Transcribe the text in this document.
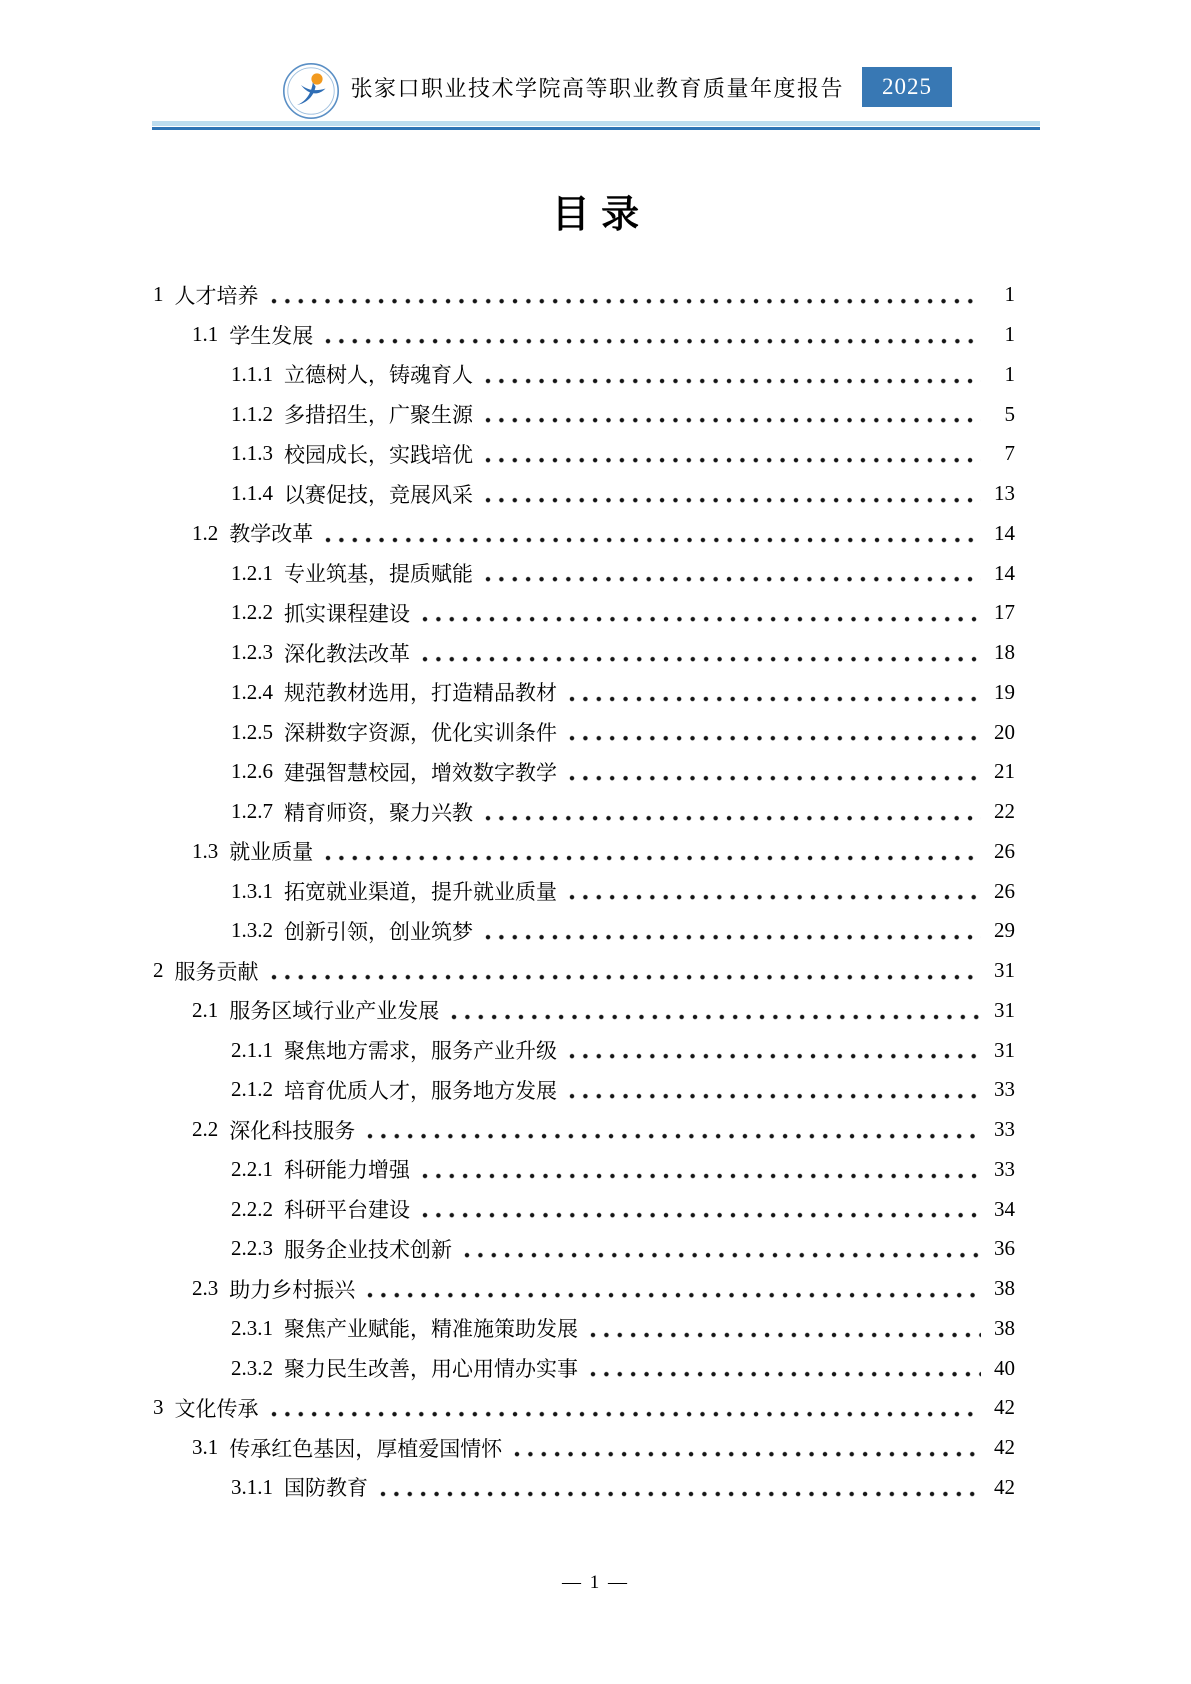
张家口职业技术学院高等职业教育质量年度报告	2025
目录
1 人才培养	1
1.1 学生发展	1
1.1.1 立德树人，铸魂育人	1
1.1.2 多措招生，广聚生源	5
1.1.3 校园成长，实践培优	7
1.1.4 以赛促技，竞展风采	13
1.2 教学改革	14
1.2.1 专业筑基，提质赋能	14
1.2.2 抓实课程建设	17
1.2.3 深化教法改革	18
1.2.4 规范教材选用，打造精品教材	19
1.2.5 深耕数字资源，优化实训条件	20
1.2.6 建强智慧校园，增效数字教学	21
1.2.7 精育师资，聚力兴教	22
1.3 就业质量	26
1.3.1 拓宽就业渠道，提升就业质量	26
1.3.2 创新引领，创业筑梦	29
2 服务贡献	31
2.1 服务区域行业产业发展	31
2.1.1 聚焦地方需求，服务产业升级	31
2.1.2 培育优质人才，服务地方发展	33
2.2 深化科技服务	33
2.2.1 科研能力增强	33
2.2.2 科研平台建设	34
2.2.3 服务企业技术创新	36
2.3 助力乡村振兴	38
2.3.1 聚焦产业赋能，精准施策助发展	38
2.3.2 聚力民生改善，用心用情办实事	40
3 文化传承	42
3.1 传承红色基因，厚植爱国情怀	42
3.1.1 国防教育	42
— 1 —
